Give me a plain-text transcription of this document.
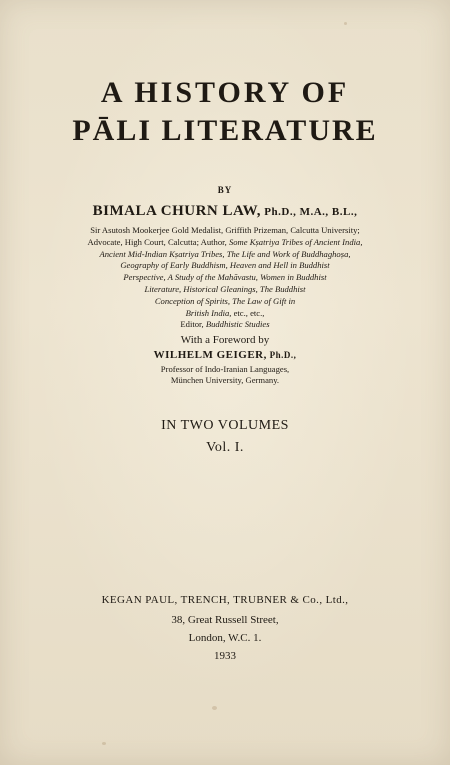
A HISTORY OF
PĀLI LITERATURE
BY
BIMALA CHURN LAW, Ph.D., M.A., B.L.,
Sir Asutosh Mookerjee Gold Medalist, Griffith Prizeman, Calcutta University;
Advocate, High Court, Calcutta; Author, Some Kṣatriya Tribes of Ancient India,
Ancient Mid-Indian Kṣatriya Tribes, The Life and Work of Buddhaghoṣa,
Geography of Early Buddhism, Heaven and Hell in Buddhist
Perspective, A Study of the Mahāvastu, Women in Buddhist
Literature, Historical Gleanings, The Buddhist
Conception of Spirits, The Law of Gift in
British India, etc., etc.,
Editor, Buddhistic Studies
With a Foreword by
WILHELM GEIGER, Ph.D.,
Professor of Indo-Iranian Languages,
München University, Germany.
IN TWO VOLUMES
Vol. I.
KEGAN PAUL, TRENCH, TRUBNER & Co., Ltd.,
38, Great Russell Street,
London, W.C. 1.
1933
